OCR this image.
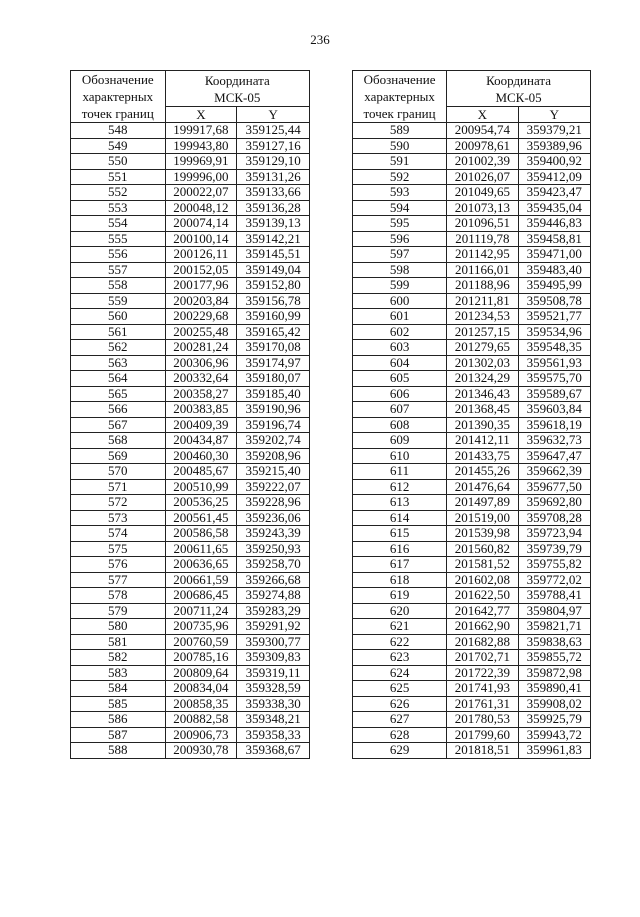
236
Обозначение
характерных
точек границ	Координата
МСК-05	
	X	Y
548	199917,68	359125,44
549	199943,80	359127,16
550	199969,91	359129,10
551	199996,00	359131,26
552	200022,07	359133,66
553	200048,12	359136,28
554	200074,14	359139,13
555	200100,14	359142,21
556	200126,11	359145,51
557	200152,05	359149,04
558	200177,96	359152,80
559	200203,84	359156,78
560	200229,68	359160,99
561	200255,48	359165,42
562	200281,24	359170,08
563	200306,96	359174,97
564	200332,64	359180,07
565	200358,27	359185,40
566	200383,85	359190,96
567	200409,39	359196,74
568	200434,87	359202,74
569	200460,30	359208,96
570	200485,67	359215,40
571	200510,99	359222,07
572	200536,25	359228,96
573	200561,45	359236,06
574	200586,58	359243,39
575	200611,65	359250,93
576	200636,65	359258,70
577	200661,59	359266,68
578	200686,45	359274,88
579	200711,24	359283,29
580	200735,96	359291,92
581	200760,59	359300,77
582	200785,16	359309,83
583	200809,64	359319,11
584	200834,04	359328,59
585	200858,35	359338,30
586	200882,58	359348,21
587	200906,73	359358,33
588	200930,78	359368,67
Обозначение
характерных
точек границ	Координата
МСК-05	
	X	Y
589	200954,74	359379,21
590	200978,61	359389,96
591	201002,39	359400,92
592	201026,07	359412,09
593	201049,65	359423,47
594	201073,13	359435,04
595	201096,51	359446,83
596	201119,78	359458,81
597	201142,95	359471,00
598	201166,01	359483,40
599	201188,96	359495,99
600	201211,81	359508,78
601	201234,53	359521,77
602	201257,15	359534,96
603	201279,65	359548,35
604	201302,03	359561,93
605	201324,29	359575,70
606	201346,43	359589,67
607	201368,45	359603,84
608	201390,35	359618,19
609	201412,11	359632,73
610	201433,75	359647,47
611	201455,26	359662,39
612	201476,64	359677,50
613	201497,89	359692,80
614	201519,00	359708,28
615	201539,98	359723,94
616	201560,82	359739,79
617	201581,52	359755,82
618	201602,08	359772,02
619	201622,50	359788,41
620	201642,77	359804,97
621	201662,90	359821,71
622	201682,88	359838,63
623	201702,71	359855,72
624	201722,39	359872,98
625	201741,93	359890,41
626	201761,31	359908,02
627	201780,53	359925,79
628	201799,60	359943,72
629	201818,51	359961,83
